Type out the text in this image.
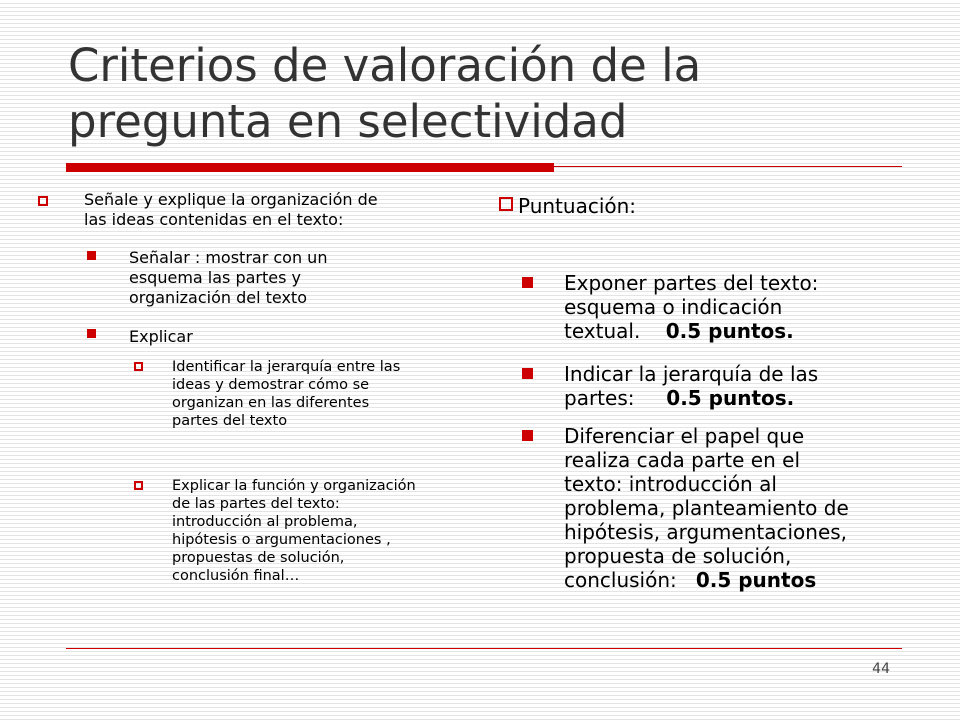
Criterios de valoración de la
pregunta en selectividad
Señale y explique la organización de
las ideas contenidas en el texto:
Señalar : mostrar con un
esquema las partes y
organización del texto
Explicar
Identificar la jerarquía entre las
ideas y demostrar cómo se
organizan en las diferentes
partes del texto
Explicar la función y organización
de las partes del texto:
introducción al problema,
hipótesis o argumentaciones ,
propuestas de solución,
conclusión final…
Puntuación:
Exponer partes del texto:
esquema o indicación
textual. 0.5 puntos.
Indicar la jerarquía de las
partes: 0.5 puntos.
Diferenciar el papel que
realiza cada parte en el
texto: introducción al
problema, planteamiento de
hipótesis, argumentaciones,
propuesta de solución,
conclusión: 0.5 puntos
44
